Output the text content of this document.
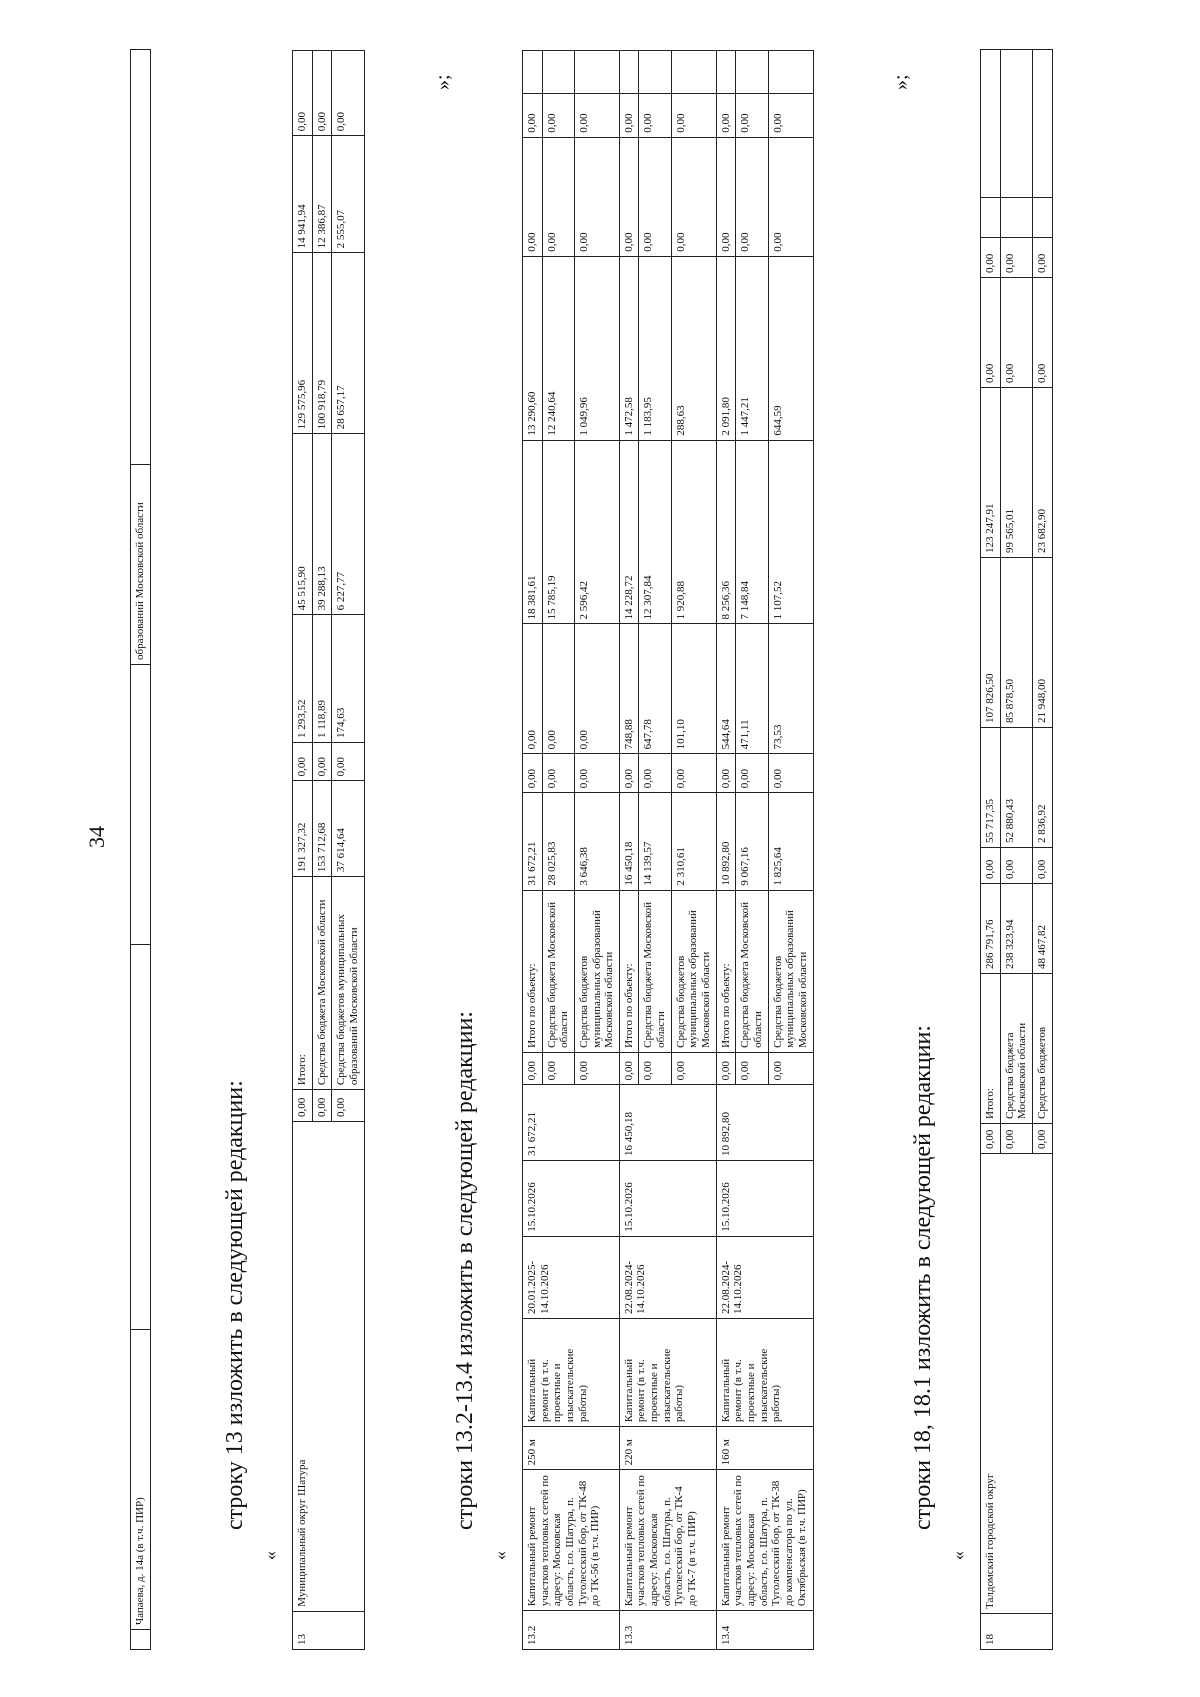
34
	Чапаева, д. 14а (в т.ч. ПИР)			образований Московской области	
строку 13 изложить в следующей редакции:
«
13	Муниципальный округ Шатура	0,00	Итого:	191 327,32	0,00	1 293,52	45 515,90	129 575,96	14 941,94	0,00
		0,00	Средства бюджета Московской области	153 712,68	0,00	1 118,89	39 288,13	100 918,79	12 386,87	0,00
		0,00	Средства бюджетов муниципальных образований Московской области	37 614,64	0,00	174,63	6 227,77	28 657,17	2 555,07	0,00
»;
строки 13.2-13.4 изложить в следующей редакции:
«
13.2	Капитальный ремонт участков тепловых сетей по адресу: Московская область, г.о. Шатура, п. Туголесский бор, от ТК-48 до ТК-56 (в т.ч. ПИР)	250 м	Капитальный ремонт (в т.ч. проектные и изыскательские работы)	20.01.2025-14.10.2026	15.10.2026	31 672,21	0,00	Итого по объекту:	31 672,21	0,00	0,00	18 381,61	13 290,60	0,00	0,00	
							0,00	Средства бюджета Московской области	28 025,83	0,00	0,00	15 785,19	12 240,64	0,00	0,00	
							0,00	Средства бюджетов муниципальных образований Московской области	3 646,38	0,00	0,00	2 596,42	1 049,96	0,00	0,00	
13.3	Капитальный ремонт участков тепловых сетей по адресу: Московская область, г.о. Шатура, п. Туголесский бор, от ТК-4 до ТК-7 (в т.ч. ПИР)	220 м	Капитальный ремонт (в т.ч. проектные и изыскательские работы)	22.08.2024-14.10.2026	15.10.2026	16 450,18	0,00	Итого по объекту:	16 450,18	0,00	748,88	14 228,72	1 472,58	0,00	0,00	
							0,00	Средства бюджета Московской области	14 139,57	0,00	647,78	12 307,84	1 183,95	0,00	0,00	
							0,00	Средства бюджетов муниципальных образований Московской области	2 310,61	0,00	101,10	1 920,88	288,63	0,00	0,00	
13.4	Капитальный ремонт участков тепловых сетей по адресу: Московская область, г.о. Шатура, п. Туголесский бор, от ТК-38 до компенсатора по ул. Октябрьская (в т.ч. ПИР)	160 м	Капитальный ремонт (в т.ч. проектные и изыскательские работы)	22.08.2024-14.10.2026	15.10.2026	10 892,80	0,00	Итого по объекту:	10 892,80	0,00	544,64	8 256,36	2 091,80	0,00	0,00	
							0,00	Средства бюджета Московской области	9 067,16	0,00	471,11	7 148,84	1 447,21	0,00	0,00	
							0,00	Средства бюджетов муниципальных образований Московской области	1 825,64	0,00	73,53	1 107,52	644,59	0,00	0,00	
»;
строки 18, 18.1 изложить в следующей редакции:
«
18	Талдомский городской округ	0,00	Итого:	286 791,76	0,00	55 717,35	107 826,50	123 247,91	0,00	0,00		
		0,00	Средства бюджета Московской области	238 323,94	0,00	52 880,43	85 878,50	99 565,01	0,00	0,00		
		0,00	Средства бюджетов	48 467,82	0,00	2 836,92	21 948,00	23 682,90	0,00	0,00		
